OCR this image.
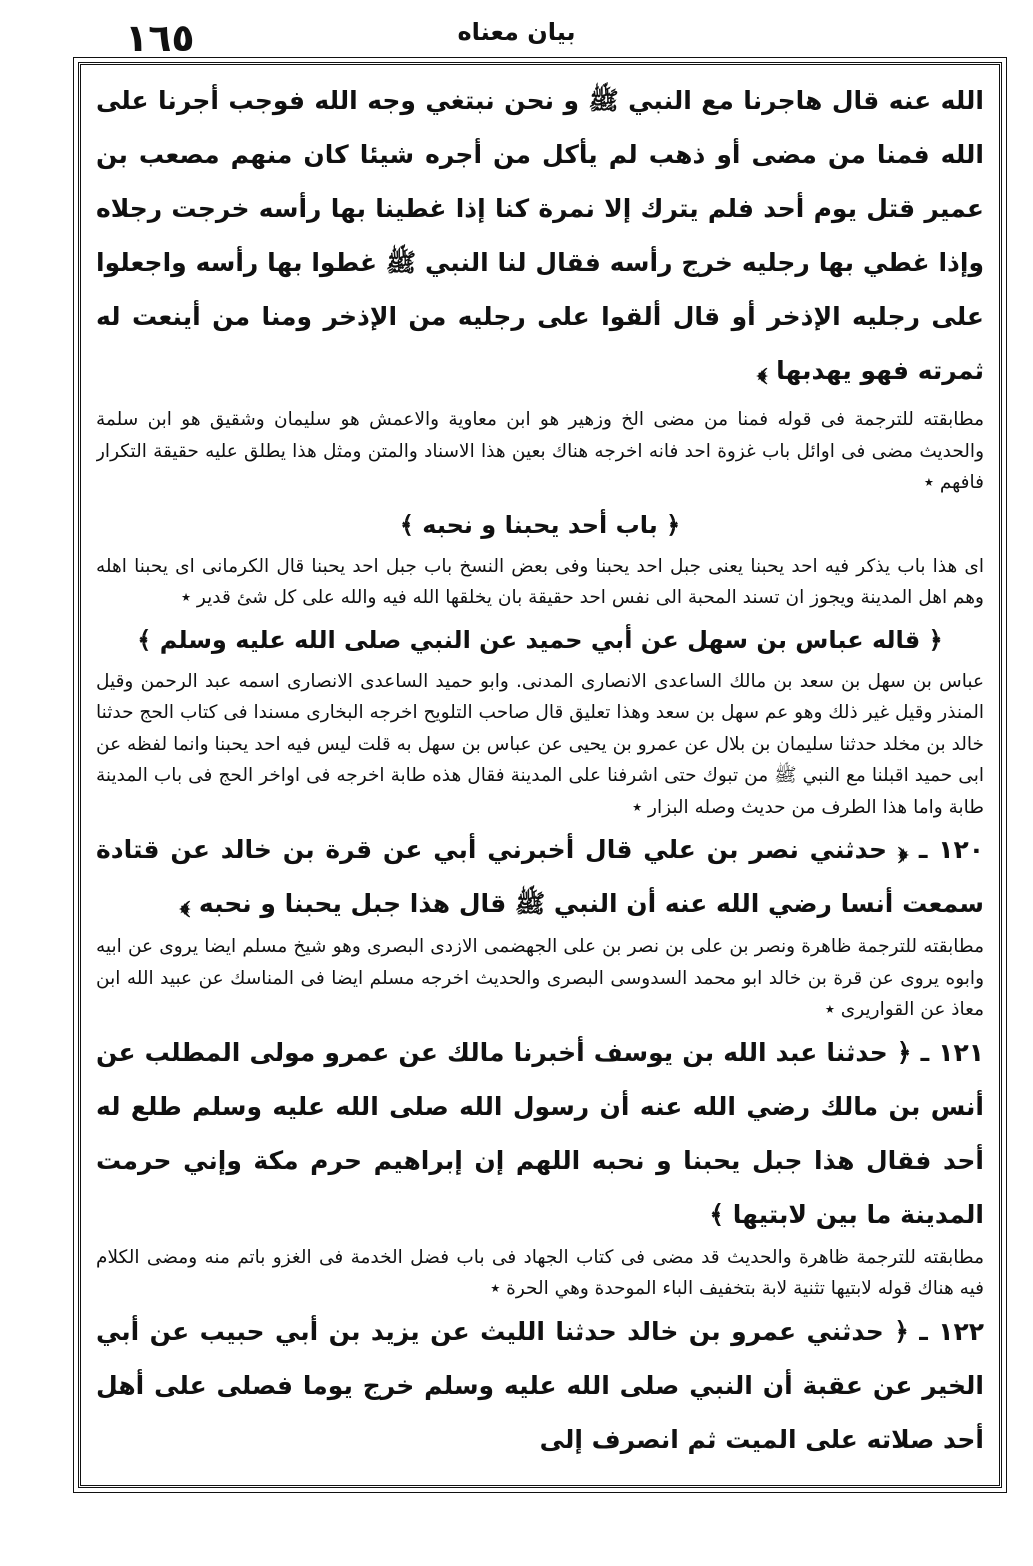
١٦٥	بيان معناه

الله عنه قال هاجرنا مع النبي ﷺ و نحن نبتغي وجه الله فوجب أجرنا على الله فمنا من مضى أو ذهب لم يأكل من أجره شيئا كان منهم مصعب بن عمير قتل يوم أحد فلم يترك إلا نمرة كنا إذا غطينا بها رأسه خرجت رجلاه وإذا غطي بها رجليه خرج رأسه فقال لنا النبي ﷺ غطوا بها رأسه واجعلوا على رجليه الإذخر أو قال ألقوا على رجليه من الإذخر ومنا من أينعت له ثمرته فهو يهدبها ﴾

مطابقته للترجمة فى قوله فمنا من مضى الخ وزهير هو ابن معاوية والاعمش هو سليمان وشقيق هو ابن سلمة والحديث مضى فى اوائل باب غزوة احد فانه اخرجه هناك بعين هذا الاسناد والمتن ومثل هذا يطلق عليه حقيقة التكرار فافهم ٭

﴿ باب أحد يحبنا و نحبه ﴾

اى هذا باب يذكر فيه احد يحبنا يعنى جبل احد يحبنا وفى بعض النسخ باب جبل احد يحبنا قال الكرمانى اى يحبنا اهله وهم اهل المدينة ويجوز ان تسند المحبة الى نفس احد حقيقة بان يخلقها الله فيه والله على كل شئ قدير ٭

﴿ قاله عباس بن سهل عن أبي حميد عن النبي صلى الله عليه وسلم ﴾

عباس بن سهل بن سعد بن مالك الساعدى الانصارى المدنى. وابو حميد الساعدى الانصارى اسمه عبد الرحمن وقيل المنذر وقيل غير ذلك وهو عم سهل بن سعد وهذا تعليق قال صاحب التلويح اخرجه البخارى مسندا فى كتاب الحج حدثنا خالد بن مخلد حدثنا سليمان بن بلال عن عمرو بن يحيى عن عباس بن سهل به قلت ليس فيه احد يحبنا وانما لفظه عن ابى حميد اقبلنا مع النبي ﷺ من تبوك حتى اشرفنا على المدينة فقال هذه طابة اخرجه فى اواخر الحج فى باب المدينة طابة واما هذا الطرف من حديث وصله البزار ٭

١٢٠ ـ ﴿ حدثني نصر بن علي قال أخبرني أبي عن قرة بن خالد عن قتادة سمعت أنسا رضي الله عنه أن النبي ﷺ قال هذا جبل يحبنا و نحبه ﴾

مطابقته للترجمة ظاهرة ونصر بن على بن نصر بن على الجهضمى الازدى البصرى وهو شيخ مسلم ايضا يروى عن ابيه وابوه يروى عن قرة بن خالد ابو محمد السدوسى البصرى والحديث اخرجه مسلم ايضا فى المناسك عن عبيد الله ابن معاذ عن القواريرى ٭

١٢١ ـ ﴿ حدثنا عبد الله بن يوسف أخبرنا مالك عن عمرو مولى المطلب عن أنس بن مالك رضي الله عنه أن رسول الله صلى الله عليه وسلم طلع له أحد فقال هذا جبل يحبنا و نحبه اللهم إن إبراهيم حرم مكة وإني حرمت المدينة ما بين لابتيها ﴾

مطابقته للترجمة ظاهرة والحديث قد مضى فى كتاب الجهاد فى باب فضل الخدمة فى الغزو باتم منه ومضى الكلام فيه هناك قوله لابتيها تثنية لابة بتخفيف الباء الموحدة وهي الحرة ٭

١٢٢ ـ ﴿ حدثني عمرو بن خالد حدثنا الليث عن يزيد بن أبي حبيب عن أبي الخير عن عقبة أن النبي صلى الله عليه وسلم خرج يوما فصلى على أهل أحد صلاته على الميت ثم انصرف إلى
